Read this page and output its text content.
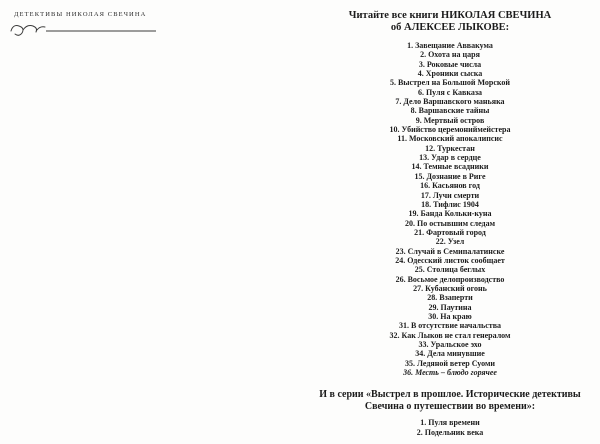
ДЕТЕКТИВЫ НИКОЛАЯ СВЕЧИНА	Читайте все книги НИКОЛАЯ СВЕЧИНА
об АЛЕКСЕЕ ЛЫКОВЕ:
1. Завещание Аввакума
2. Охота на царя
3. Роковые числа
4. Хроники сыска
5. Выстрел на Большой Морской
6. Пуля с Кавказа
7. Дело Варшавского маньяка
8. Варшавские тайны
9. Мертвый остров
10. Убийство церемониймейстера
11. Московский апокалипсис
12. Туркестан
13. Удар в сердце
14. Темные всадники
15. Дознание в Риге
16. Касьянов год
17. Лучи смерти
18. Тифлис 1904
19. Банда Кольки-куна
20. По остывшим следам
21. Фартовый город
22. Узел
23. Случай в Семипалатинске
24. Одесский листок сообщает
25. Столица беглых
26. Восьмое делопроизводство
27. Кубанский огонь
28. Взаперти
29. Паутина
30. На краю
31. В отсутствие начальства
32. Как Лыков не стал генералом
33. Уральское эхо
34. Дела минувшие
35. Ледяной ветер Суоми
36. Месть – блюдо горячее
И в серии «Выстрел в прошлое. Исторические детективы
Свечина о путешествии во времени»:
1. Пуля времени
2. Подельник века
